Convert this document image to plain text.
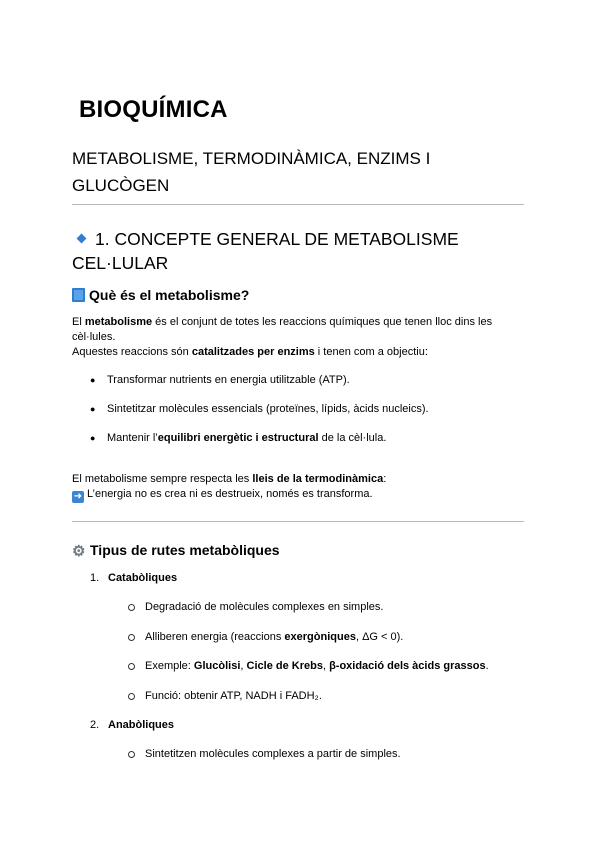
BIOQUÍMICA
METABOLISME, TERMODINÀMICA, ENZIMS I GLUCÒGEN
1. CONCEPTE GENERAL DE METABOLISME CEL·LULAR
Què és el metabolisme?
El metabolisme és el conjunt de totes les reaccions químiques que tenen lloc dins les
cèl·lules.
Aquestes reaccions són catalitzades per enzims i tenen com a objectiu:
● Transformar nutrients en energia utilitzable (ATP).
● Sintetitzar molècules essencials (proteïnes, lípids, àcids nucleics).
● Mantenir l’equilibri energètic i estructural de la cèl·lula.
El metabolisme sempre respecta les lleis de la termodinàmica:
➜ L’energia no es crea ni es destrueix, només es transforma.
⚙ Tipus de rutes metabòliques
1. Catabòliques
Degradació de molècules complexes en simples.
Alliberen energia (reaccions exergòniques, ΔG < 0).
Exemple: Glucòlisi, Cicle de Krebs, β-oxidació dels àcids grassos.
Funció: obtenir ATP, NADH i FADH₂.
2. Anabòliques
Sintetitzen molècules complexes a partir de simples.
